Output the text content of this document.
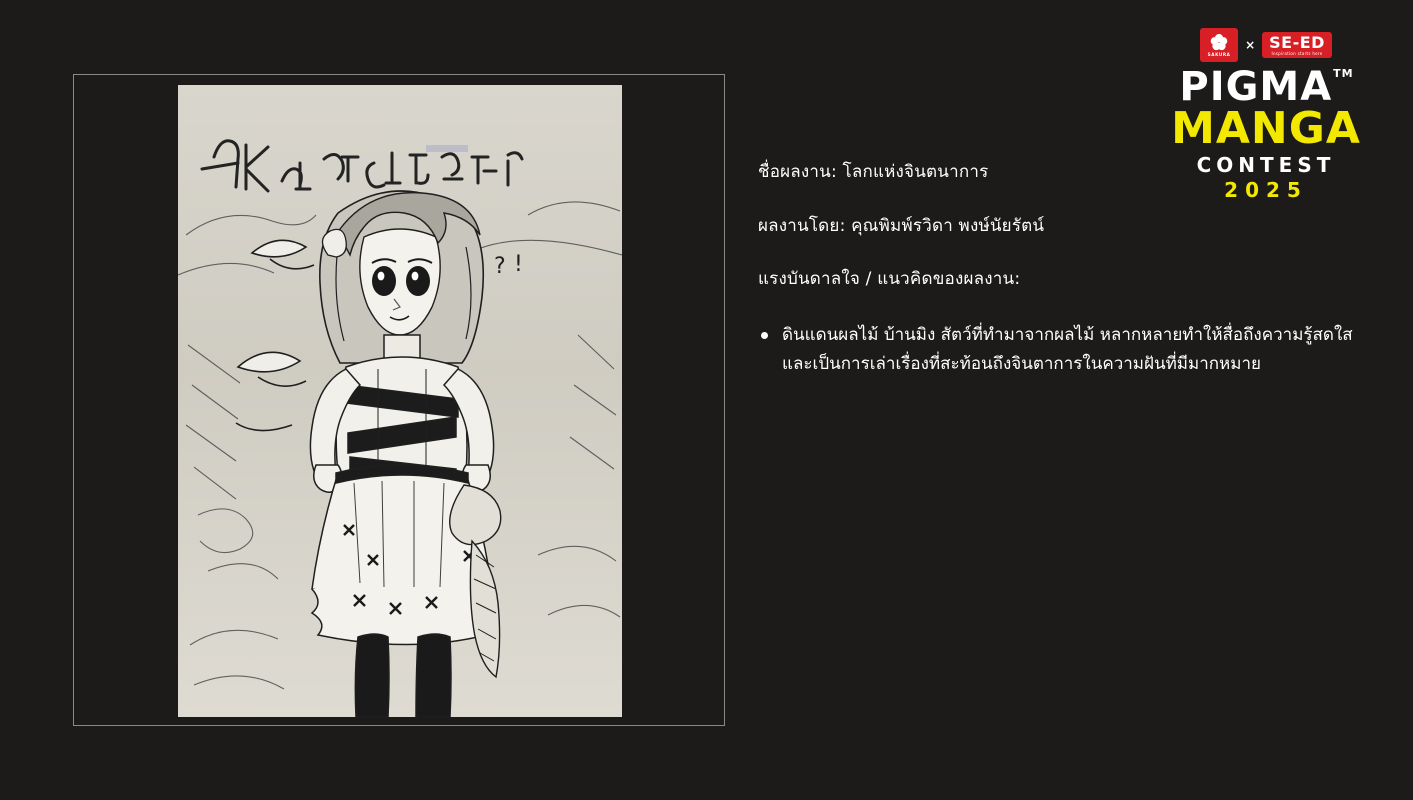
? !
ชื่อผลงาน: โลกแห่งจินตนาการ
ผลงานโดย: คุณพิมพ์รวิดา พงษ์นัยรัตน์
แรงบันดาลใจ / แนวคิดของผลงาน:
ดินแดนผลไม้ บ้านมิง สัตว์ที่ทำมาจากผลไม้ หลากหลายทำให้สื่อถึงความรู้สดใส และเป็นการเล่าเรื่องที่สะท้อนถึงจินตาการในความฝันที่มีมากหมาย
SAKURA
× SE-ED
Inspiration starts here
PIGMA™
MANGA
CONTEST
2025
